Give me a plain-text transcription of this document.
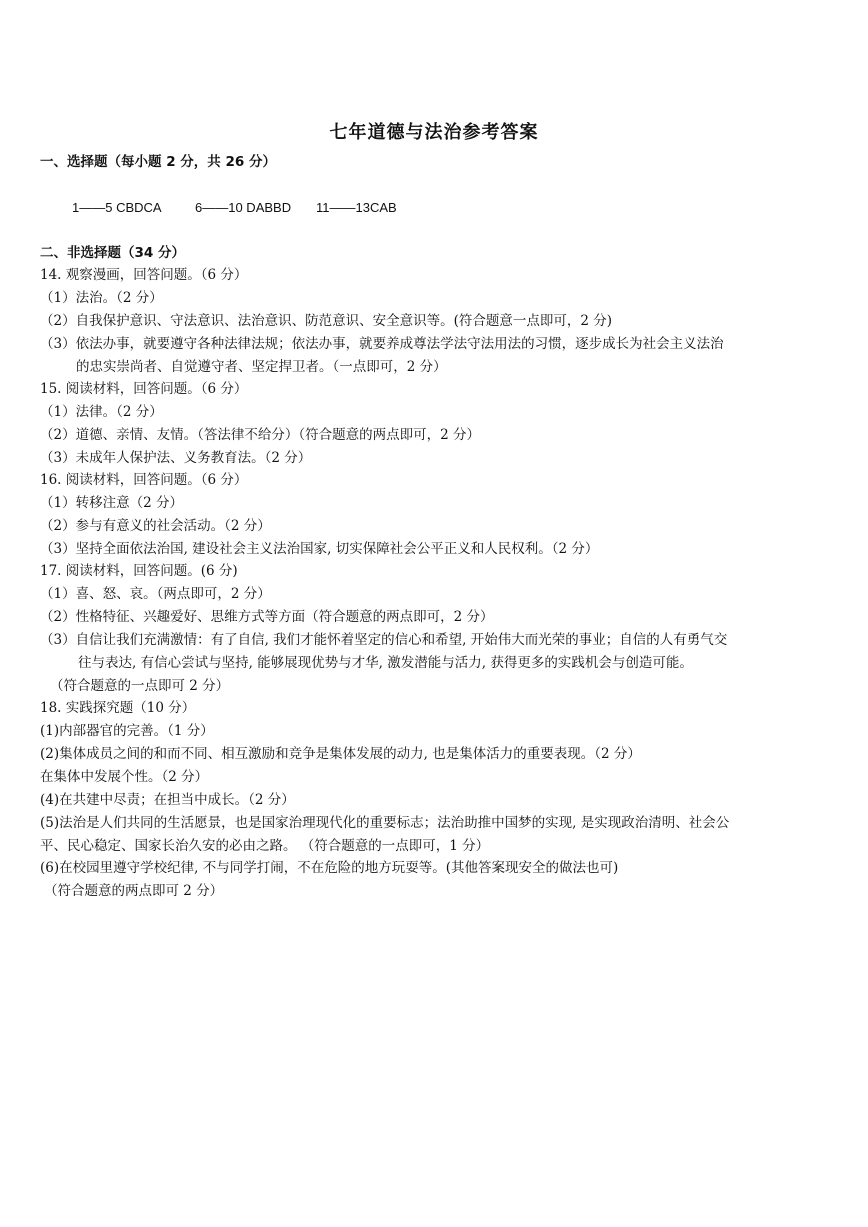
七年道德与法治参考答案
一、选择题（每小题 2 分，共 26 分）
1——5 CBDCA	6——10 DABBD 11——13CAB
二、非选择题（34 分）
14. 观察漫画，回答问题。（6 分）
（1）法治。（2 分）
（2）自我保护意识、守法意识、法治意识、防范意识、安全意识等。(符合题意一点即可，2 分)
（3）依法办事，就要遵守各种法律法规；依法办事，就要养成尊法学法守法用法的习惯，逐步成长为社会主义法治
的忠实崇尚者、自觉遵守者、坚定捍卫者。（一点即可，2 分）
15. 阅读材料，回答问题。（6 分）
（1）法律。（2 分）
（2）道德、亲情、友情。（答法律不给分）（符合题意的两点即可，2 分）
（3）未成年人保护法、义务教育法。（2 分）
16. 阅读材料，回答问题。（6 分）
（1）转移注意（2 分）
（2）参与有意义的社会活动。（2 分）
（3）坚持全面依法治国, 建设社会主义法治国家, 切实保障社会公平正义和人民权利。（2 分）
17. 阅读材料，回答问题。(6 分)
（1）喜、怒、哀。（两点即可，2 分）
（2）性格特征、兴趣爱好、思维方式等方面（符合题意的两点即可，2 分）
（3）自信让我们充满激情：有了自信, 我们才能怀着坚定的信心和希望, 开始伟大而光荣的事业；自信的人有勇气交
往与表达, 有信心尝试与坚持, 能够展现优势与才华, 激发潜能与活力, 获得更多的实践机会与创造可能。
（符合题意的一点即可 2 分）
18. 实践探究题（10 分）
(1)内部器官的完善。（1 分）
(2)集体成员之间的和而不同、相互激励和竞争是集体发展的动力, 也是集体活力的重要表现。（2 分）
在集体中发展个性。（2 分）
(4)在共建中尽责；在担当中成长。（2 分）
(5)法治是人们共同的生活愿景，也是国家治理现代化的重要标志；法治助推中国梦的实现, 是实现政治清明、社会公
平、民心稳定、国家长治久安的必由之路。 （符合题意的一点即可，1 分）
(6)在校园里遵守学校纪律, 不与同学打闹，不在危险的地方玩耍等。(其他答案现安全的做法也可)
（符合题意的两点即可 2 分）
